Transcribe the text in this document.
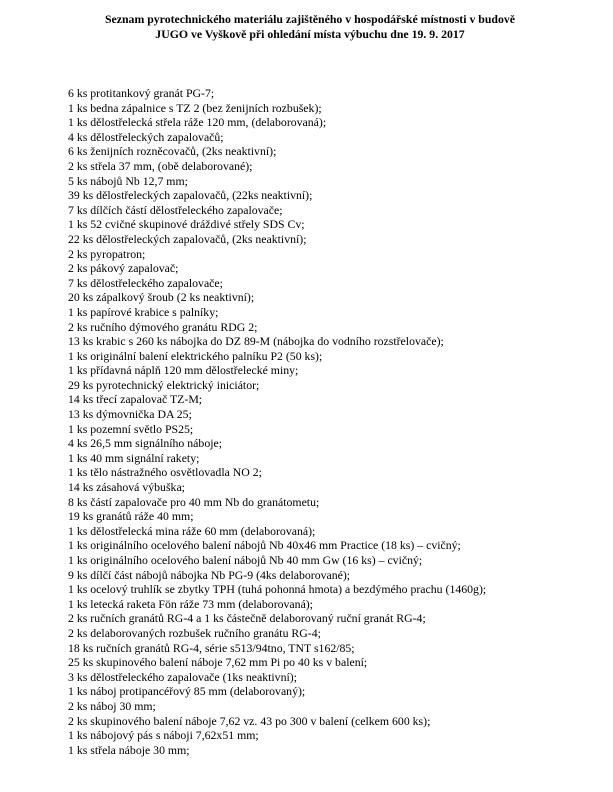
Seznam pyrotechnického materiálu zajištěného v hospodářské místnosti v budově
JUGO ve Vyškově při ohledání místa výbuchu dne 19. 9. 2017
6 ks protitankový granát PG-7;
1 ks bedna zápalnice s TZ 2 (bez ženijních rozbušek);
1 ks dělostřelecká střela ráže 120 mm, (delaborovaná);
4 ks dělostřeleckých zapalovačů;
6 ks ženijních rozněcovačů, (2ks neaktivní);
2 ks střela 37 mm, (obě delaborované);
5 ks nábojů Nb 12,7 mm;
39 ks dělostřeleckých zapalovačů, (22ks neaktivní);
7 ks dílčích částí dělostřeleckého zapalovače;
1 ks 52 cvičné skupinové dráždivé střely SDS Cv;
22 ks dělostřeleckých zapalovačů, (2ks neaktivní);
2 ks pyropatron;
2 ks pákový zapalovač;
7 ks dělostřeleckého zapalovače;
20 ks zápalkový šroub (2 ks neaktivní);
1 ks papírové krabice s palníky;
2 ks ručního dýmového granátu RDG 2;
13 ks krabic s 260 ks nábojka do DZ 89-M (nábojka do vodního rozstřelovače);
1 ks originální balení elektrického palníku P2 (50 ks);
1 ks přídavná náplň 120 mm dělostřelecké miny;
29 ks pyrotechnický elektrický iniciátor;
14 ks třecí zapalovač TZ-M;
13 ks dýmovnička DA 25;
1 ks pozemní světlo PS25;
4 ks 26,5 mm signálního náboje;
1 ks 40 mm signální rakety;
1 ks tělo nástražného osvětlovadla NO 2;
14 ks zásahová výbuška;
8 ks částí zapalovače pro 40 mm Nb do granátometu;
19 ks granátů ráže 40 mm;
1 ks dělostřelecká mina ráže 60 mm (delaborovaná);
1 ks originálního ocelového balení nábojů Nb 40x46 mm Practice (18 ks) – cvičný;
1 ks originálního ocelového balení nábojů Nb 40 mm Gw (16 ks) – cvičný;
9 ks dílčí část nábojů nábojka Nb PG-9 (4ks delaborované);
1 ks ocelový truhlík se zbytky TPH (tuhá pohonná hmota) a bezdýmého prachu (1460g);
1 ks letecká raketa Fön ráže 73 mm (delaborovaná);
2 ks ručních granátů RG-4 a 1 ks částečně delaborovaný ruční granát RG-4;
2 ks delaborovaných rozbušek ručního granátu RG-4;
18 ks ručních granátů RG-4, série s513/94tno, TNT s162/85;
25 ks skupinového balení náboje 7,62 mm Pi po 40 ks v balení;
3 ks dělostřeleckého zapalovače (1ks neaktivní);
1 ks náboj protipancéřový 85 mm (delaborovaný);
2 ks náboj 30 mm;
2 ks skupinového balení náboje 7,62 vz. 43 po 300 v balení (celkem 600 ks);
1 ks nábojový pás s náboji 7,62x51 mm;
1 ks střela náboje 30 mm;
